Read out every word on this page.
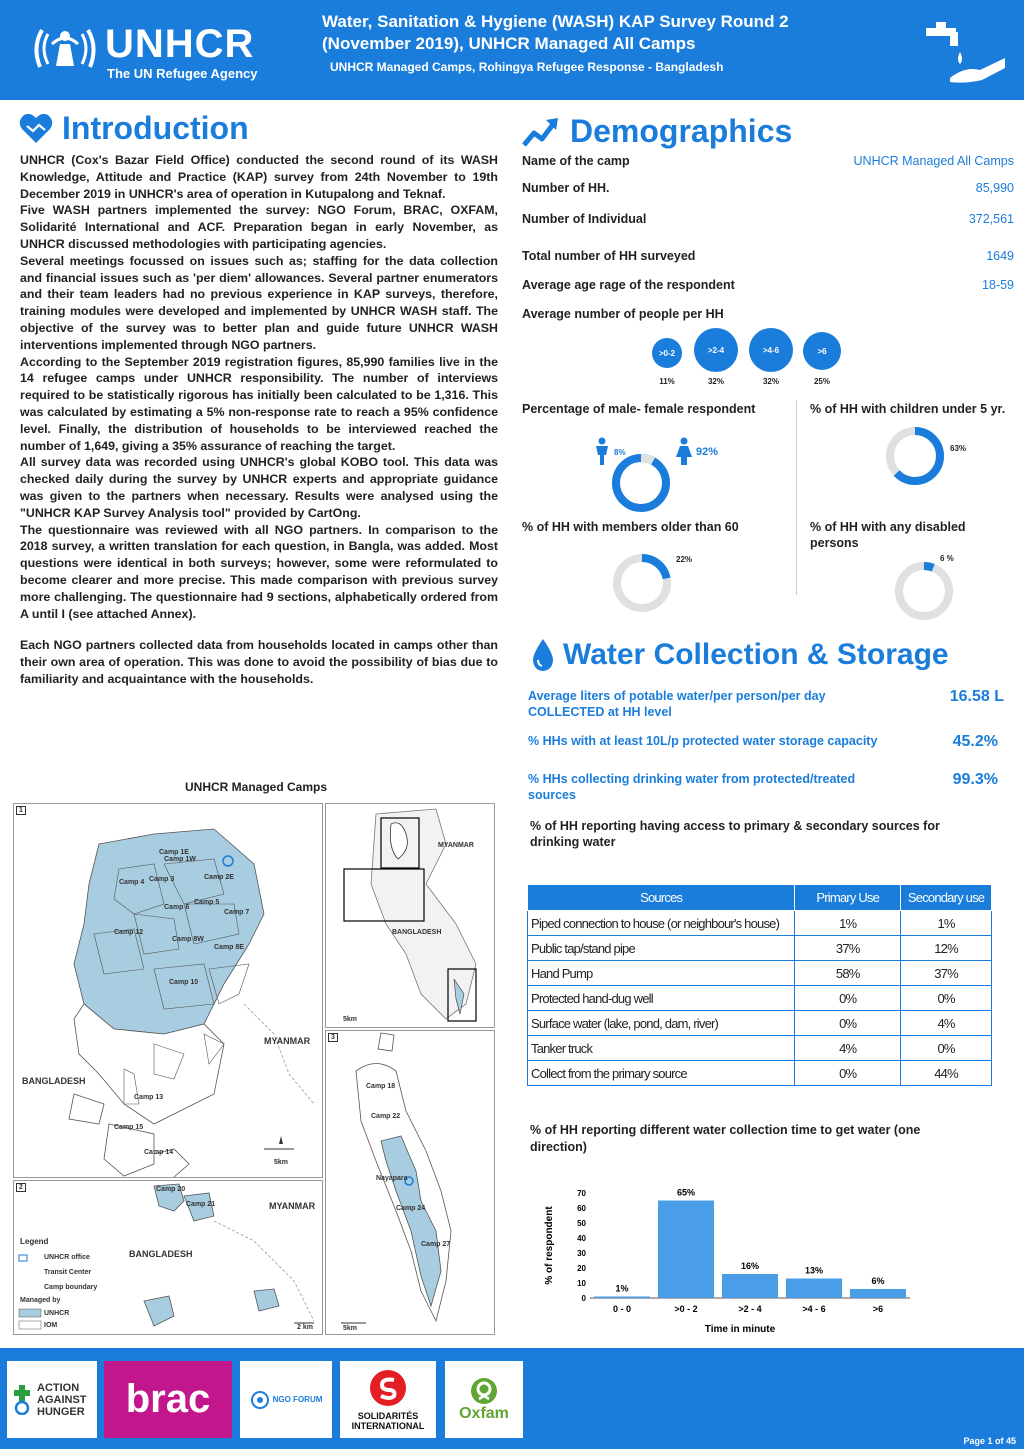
UNHCR
The UN Refugee Agency
Water, Sanitation & Hygiene (WASH) KAP Survey Round 2 (November 2019), UNHCR Managed All Camps
UNHCR Managed Camps, Rohingya Refugee Response - Bangladesh
Introduction

UNHCR (Cox's Bazar Field Office) conducted the second round of its WASH Knowledge, Attitude and Practice (KAP) survey from 24th November to 19th December 2019 in UNHCR's area of operation in Kutupalong and Teknaf.

Five WASH partners implemented the survey: NGO Forum, BRAC, OXFAM, Solidarité International and ACF. Preparation began in early November, as UNHCR discussed methodologies with participating agencies.

Several meetings focussed on issues such as; staffing for the data collection and financial issues such as 'per diem' allowances. Several partner enumerators and their team leaders had no previous experience in KAP surveys, therefore, training modules were developed and implemented by UNHCR WASH staff. The objective of the survey was to better plan and guide future UNHCR WASH interventions implemented through NGO partners.

According to the September 2019 registration figures, 85,990 families live in the 14 refugee camps under UNHCR responsibility. The number of interviews required to be statistically rigorous has initially been calculated to be 1,316. This was calculated by estimating a 5% non-response rate to reach a 95% confidence level. Finally, the distribution of households to be interviewed reached the number of 1,649, giving a 35% assurance of reaching the target.

All survey data was recorded using UNHCR's global KOBO tool. This data was checked daily during the survey by UNHCR experts and appropriate guidance was given to the partners when necessary. Results were analysed using the "UNHCR KAP Survey Analysis tool" provided by CartOng.

The questionnaire was reviewed with all NGO partners. In comparison to the 2018 survey, a written translation for each question, in Bangla, was added. Most questions were identical in both surveys; however, some were reformulated to become clearer and more precise. This made comparison with previous survey more challenging. The questionnaire had 9 sections, alphabetically ordered from A until I (see attached Annex).

Each NGO partners collected data from households located in camps other than their own area of operation. This was done to avoid the possibility of bias due to familiarity and acquaintance with the households.

UNHCR Managed Camps
1
MYANMAR
BANGLADESH
Camp 1E
Camp 1W
Camp 4 Camp 3	Camp 2E
Camp 5
Camp 6
Camp 7
Camp 8E
Camp 8W
Camp 10
Camp 12
Camp 13
Camp 14
Camp 15
5km
MYANMAR
BANGLADESH
5km
2
MYANMAR
BANGLADESH
Legend
UNHCR office
Transit Center
Camp boundary
Managed by
UNHCR
IOM
Camp 20
Camp 21
2 km
3
Camp 18
Camp 22
Nayapara
Camp 24
Camp 27
5km
Demographics
Name of the camp	UNHCR Managed All Camps
Number of HH.	85,990
Number of Individual	372,561
Total number of HH surveyed	1649
Average age rage of the respondent	18-59
Average number of people per HH
>0-2	>2-4	>4-6	>6
11%	32%	32%	25%
Percentage of male- female respondent
8%	92%
% of HH with children under 5 yr.
63%
% of HH with members older than 60
22%
% of HH with any disabled persons
6 %
Water Collection & Storage
Average liters of potable water/per person/per day COLLECTED at HH level
16.58 L
% HHs with at least 10L/p protected water storage capacity	45.2%
% HHs collecting drinking water from protected/treated sources
99.3%
% of HH reporting having access to primary & secondary sources for drinking water
Sources	Primary Use	Secondary use
Piped connection to house (or neighbour's house)	1%	1%
Public tap/stand pipe	37%	12%
Hand Pump	58%	37%
Protected hand-dug well	0%	0%
Surface water (lake, pond, dam, river)	0%	4%
Tanker truck	4%	0%
Collect from the primary source	0%	44%
% of HH reporting different water collection time to get water (one direction)
0
10
20
30
40
50
60
70
1%
0 - 0
65%
>0 - 2
16%
>2 - 4
13%
>4 - 6
6%
>6
Time in minute
% of respondent
ACTION AGAINST HUNGER brac	NGO FORUM
SOLIDARITÉS INTERNATIONAL
Oxfam
Page 1 of 45
